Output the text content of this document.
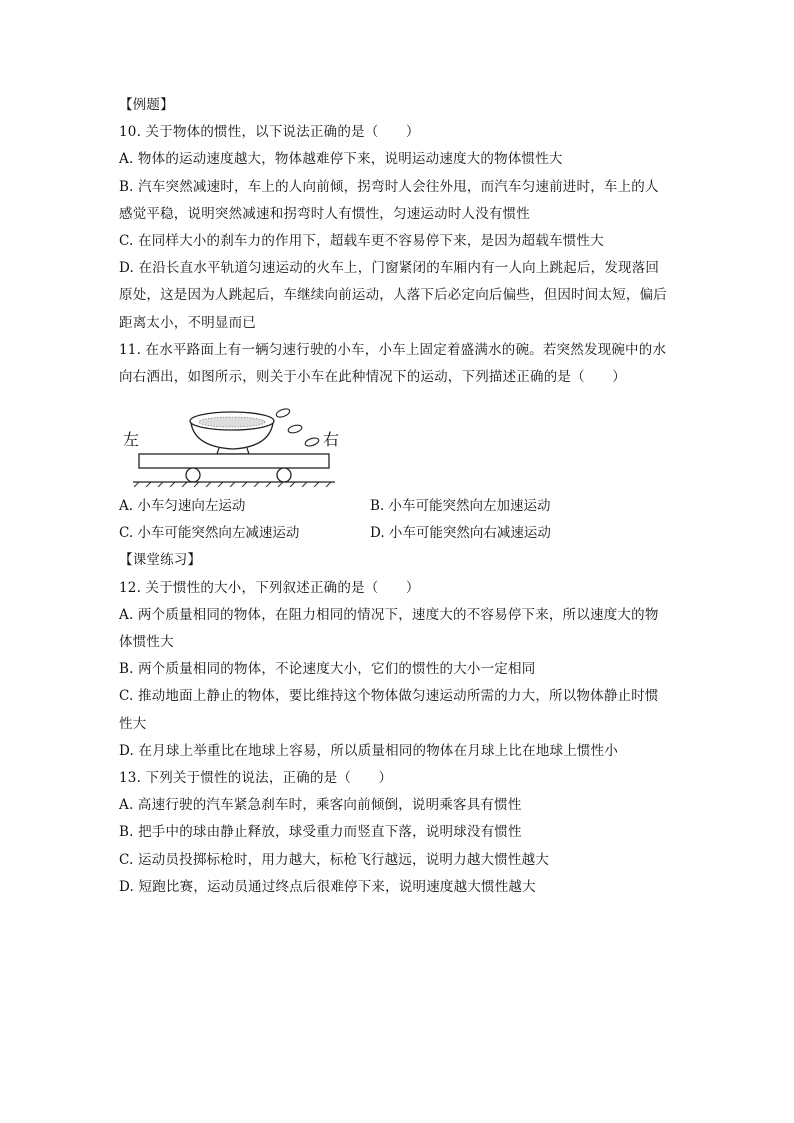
【例题】
10. 关于物体的惯性，以下说法正确的是（　　）
A. 物体的运动速度越大，物体越难停下来，说明运动速度大的物体惯性大
B. 汽车突然减速时，车上的人向前倾，拐弯时人会往外甩，而汽车匀速前进时，车上的人
感觉平稳，说明突然减速和拐弯时人有惯性，匀速运动时人没有惯性
C. 在同样大小的刹车力的作用下，超载车更不容易停下来，是因为超载车惯性大
D. 在沿长直水平轨道匀速运动的火车上，门窗紧闭的车厢内有一人向上跳起后，发现落回
原处，这是因为人跳起后，车继续向前运动，人落下后必定向后偏些，但因时间太短，偏后
距离太小，不明显而已
11. 在水平路面上有一辆匀速行驶的小车，小车上固定着盛满水的碗。若突然发现碗中的水
向右洒出，如图所示，则关于小车在此种情况下的运动，下列描述正确的是（　　）
左	右
A. 小车匀速向左运动	B. 小车可能突然向左加速运动
C. 小车可能突然向左减速运动	D. 小车可能突然向右减速运动
【课堂练习】
12. 关于惯性的大小，下列叙述正确的是（　　）
A. 两个质量相同的物体，在阻力相同的情况下，速度大的不容易停下来，所以速度大的物
体惯性大
B. 两个质量相同的物体，不论速度大小，它们的惯性的大小一定相同
C. 推动地面上静止的物体，要比维持这个物体做匀速运动所需的力大，所以物体静止时惯
性大
D. 在月球上举重比在地球上容易，所以质量相同的物体在月球上比在地球上惯性小
13. 下列关于惯性的说法，正确的是（　　）
A. 高速行驶的汽车紧急刹车时，乘客向前倾倒，说明乘客具有惯性
B. 把手中的球由静止释放，球受重力而竖直下落，说明球没有惯性
C. 运动员投掷标枪时，用力越大，标枪飞行越远，说明力越大惯性越大
D. 短跑比赛，运动员通过终点后很难停下来，说明速度越大惯性越大
